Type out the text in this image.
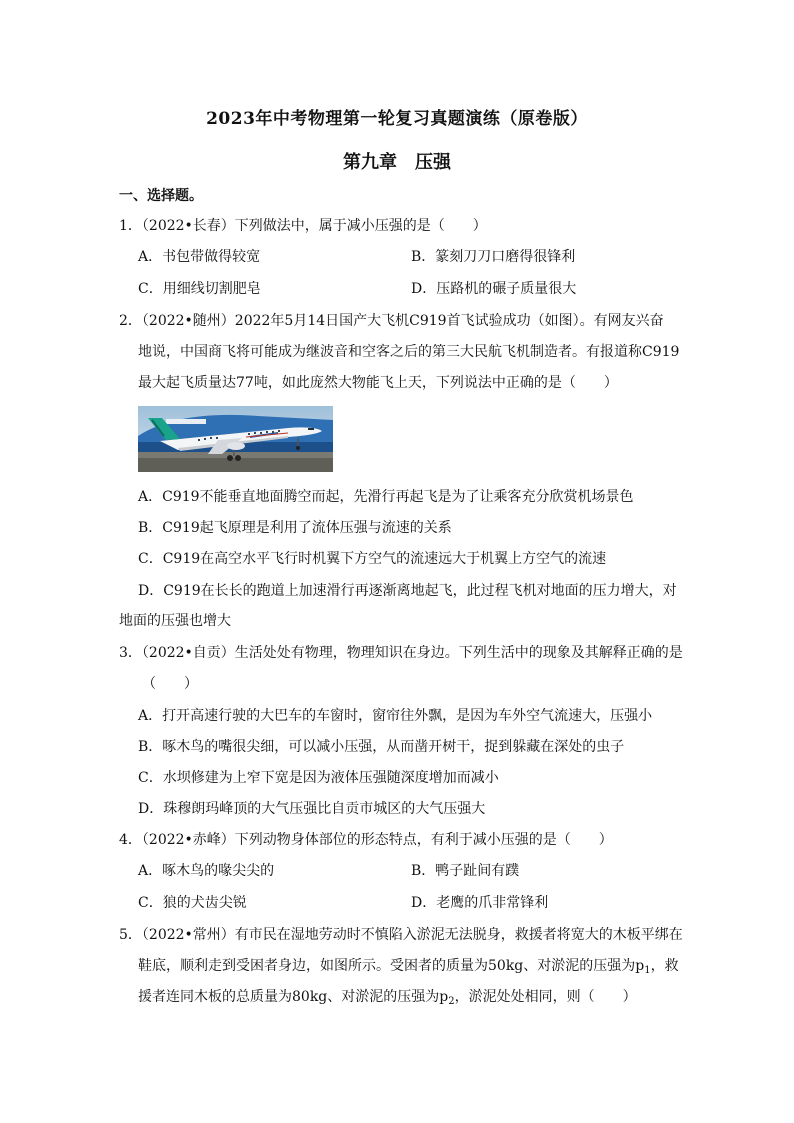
2023年中考物理第一轮复习真题演练（原卷版）
第九章　压强
一、选择题。
1．（2022•长春）下列做法中，属于减小压强的是（　　）
A．书包带做得较宽	B．篆刻刀刀口磨得很锋利
C．用细线切割肥皂	D．压路机的碾子质量很大
2．（2022•随州）2022年5月14日国产大飞机C919首飞试验成功（如图）。有网友兴奋
地说，中国商飞将可能成为继波音和空客之后的第三大民航飞机制造者。有报道称C919
最大起飞质量达77吨，如此庞然大物能飞上天，下列说法中正确的是（　　）
A．C919不能垂直地面腾空而起，先滑行再起飞是为了让乘客充分欣赏机场景色
B．C919起飞原理是利用了流体压强与流速的关系
C．C919在高空水平飞行时机翼下方空气的流速远大于机翼上方空气的流速
D．C919在长长的跑道上加速滑行再逐渐离地起飞，此过程飞机对地面的压力增大，对
地面的压强也增大
3．（2022•自贡）生活处处有物理，物理知识在身边。下列生活中的现象及其解释正确的是
（　　）
A．打开高速行驶的大巴车的车窗时，窗帘往外飘，是因为车外空气流速大，压强小
B．啄木鸟的嘴很尖细，可以减小压强，从而凿开树干，捉到躲藏在深处的虫子
C．水坝修建为上窄下宽是因为液体压强随深度增加而减小
D．珠穆朗玛峰顶的大气压强比自贡市城区的大气压强大
4．（2022•赤峰）下列动物身体部位的形态特点，有利于减小压强的是（　　）
A．啄木鸟的喙尖尖的	B．鸭子趾间有蹼
C．狼的犬齿尖锐	D．老鹰的爪非常锋利
5．（2022•常州）有市民在湿地劳动时不慎陷入淤泥无法脱身，救援者将宽大的木板平绑在
鞋底，顺利走到受困者身边，如图所示。受困者的质量为50kg、对淤泥的压强为$p_1$，救
援者连同木板的总质量为80kg、对淤泥的压强为$p_2$，淤泥处处相同，则（　　）
